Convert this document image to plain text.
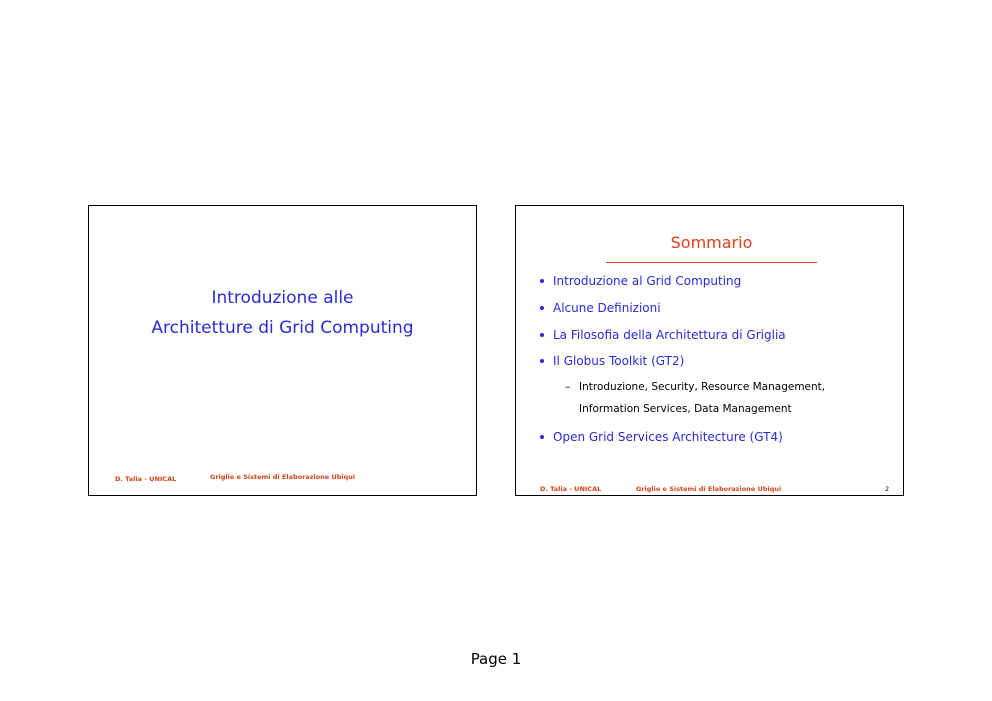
Introduzione alle
Architetture di Grid Computing
D. Talia - UNICAL	Griglie e Sistemi di Elaborazione Ubiqui
Sommario
Introduzione al Grid Computing
Alcune Definizioni
La Filosofia della Architettura di Griglia
Il Globus Toolkit (GT2)
– Introduzione, Security, Resource Management,
Information Services, Data Management
Open Grid Services Architecture (GT4)
D. Talia - UNICAL	Griglie e Sistemi di Elaborazione Ubiqui	2
Page 1
